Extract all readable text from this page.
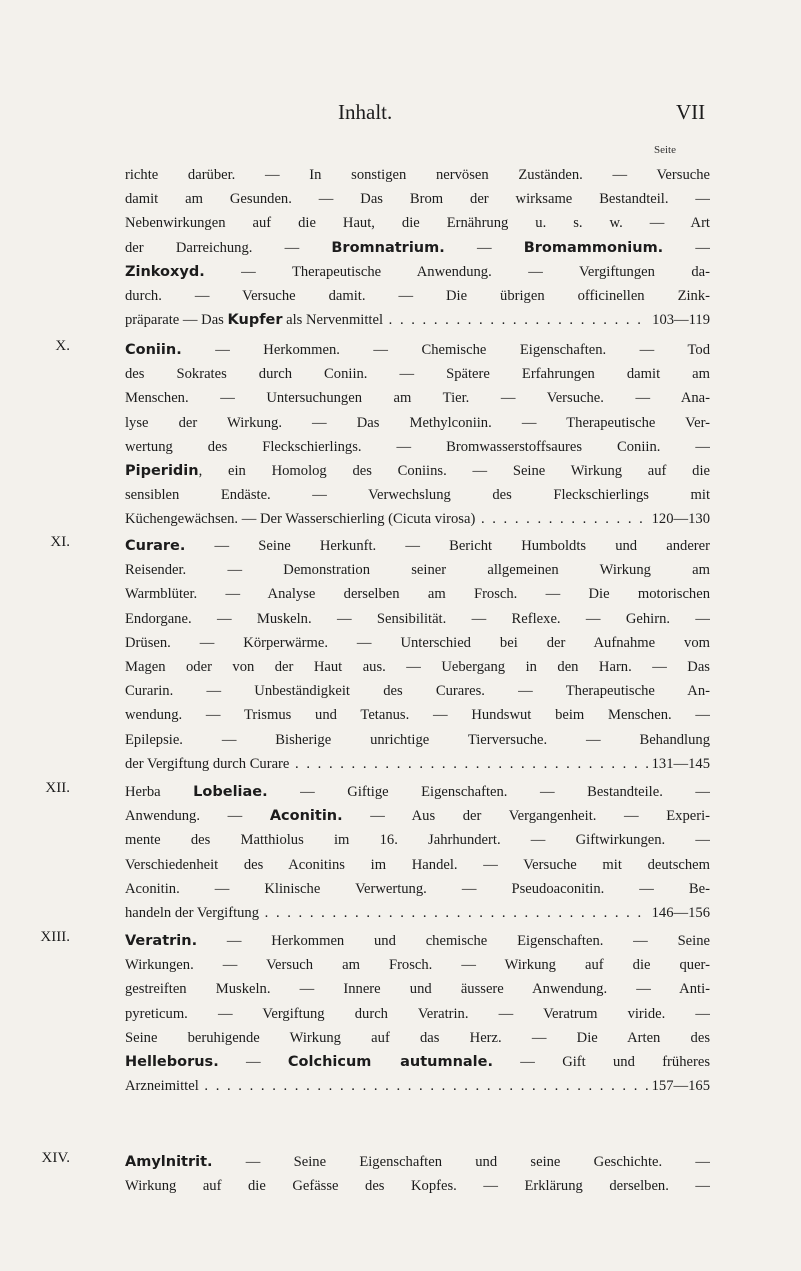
Inhalt.	VII
Seite
richte darüber. — In sonstigen nervösen Zuständen. — Versuche
damit am Gesunden. — Das Brom der wirksame Bestandteil. —
Nebenwirkungen auf die Haut, die Ernährung u. s. w. — Art
der Darreichung. — Bromnatrium. — Bromammonium. —
Zinkoxyd. — Therapeutische Anwendung. — Vergiftungen da-
durch. — Versuche damit. — Die übrigen officinellen Zink-
präparate — Das Kupfer als Nervenmittel . . .	103—119
X.	Coniin. — Herkommen. — Chemische Eigenschaften. — Tod
des Sokrates durch Coniin. — Spätere Erfahrungen damit am
Menschen. — Untersuchungen am Tier. — Versuche. — Ana-
lyse der Wirkung. — Das Methylconiin. — Therapeutische Ver-
wertung des Fleckschierlings. — Bromwasserstoffsaures Coniin. —
Piperidin, ein Homolog des Coniins. — Seine Wirkung auf die
sensiblen Endäste. — Verwechslung des Fleckschierlings mit
Küchengewächsen. — Der Wasserschierling (Cicuta virosa) . . .	120—130
XI.	Curare. — Seine Herkunft. — Bericht Humboldts und anderer
Reisender. — Demonstration seiner allgemeinen Wirkung am
Warmblüter. — Analyse derselben am Frosch. — Die motorischen
Endorgane. — Muskeln. — Sensibilität. — Reflexe. — Gehirn. —
Drüsen. — Körperwärme. — Unterschied bei der Aufnahme vom
Magen oder von der Haut aus. — Uebergang in den Harn. — Das
Curarin. — Unbeständigkeit des Curares. — Therapeutische An-
wendung. — Trismus und Tetanus. — Hundswut beim Menschen. —
Epilepsie. — Bisherige unrichtige Tierversuche. — Behandlung
der Vergiftung durch Curare . . .	131—145
XII.	Herba Lobeliae. — Giftige Eigenschaften. — Bestandteile. —
Anwendung. — Aconitin. — Aus der Vergangenheit. — Experi-
mente des Matthiolus im 16. Jahrhundert. — Giftwirkungen. —
Verschiedenheit des Aconitins im Handel. — Versuche mit deutschem
Aconitin. — Klinische Verwertung. — Pseudoaconitin. — Be-
handeln der Vergiftung . . .	146—156
XIII.	Veratrin. — Herkommen und chemische Eigenschaften. — Seine
Wirkungen. — Versuch am Frosch. — Wirkung auf die quer-
gestreiften Muskeln. — Innere und äussere Anwendung. — Anti-
pyreticum. — Vergiftung durch Veratrin. — Veratrum viride. —
Seine beruhigende Wirkung auf das Herz. — Die Arten des
Helleborus. — Colchicum autumnale. — Gift und früheres
Arzneimittel . . .	157—165
XIV.	Amylnitrit. — Seine Eigenschaften und seine Geschichte. —
Wirkung auf die Gefässe des Kopfes. — Erklärung derselben. —
